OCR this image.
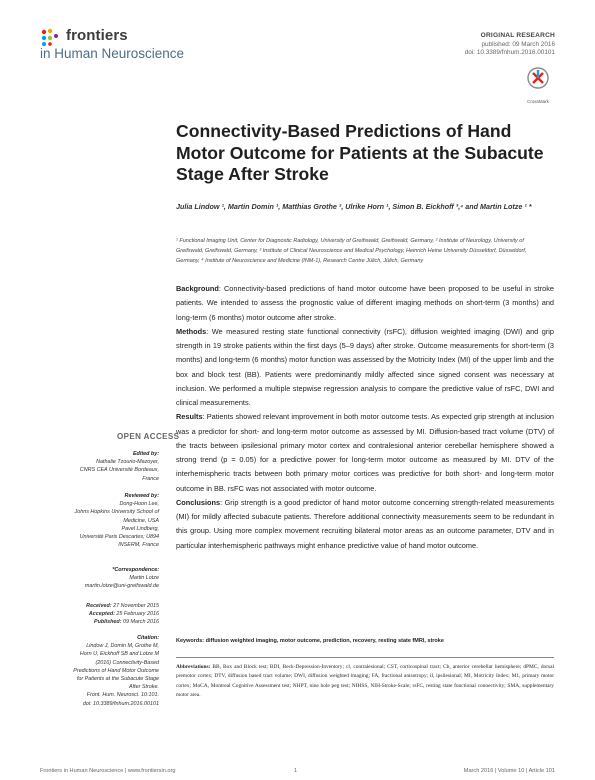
frontiers
in Human Neuroscience
ORIGINAL RESEARCH
published: 09 March 2016
doi: 10.3389/fnhum.2016.00101
CrossMark
Connectivity-Based Predictions of Hand Motor Outcome for Patients at the Subacute Stage After Stroke
Julia Lindow ¹, Martin Domin ¹, Matthias Grothe ², Ulrike Horn ¹, Simon B. Eickhoff ³,⁴ and Martin Lotze ¹ *
¹ Functional Imaging Unit, Center for Diagnostic Radiology, University of Greifswald, Greifswald, Germany, ² Institute of Neurology, University of Greifswald, Greifswald, Germany, ³ Institute of Clinical Neuroscience and Medical Psychology, Heinrich Heine University Düsseldorf, Düsseldorf, Germany, ⁴ Institute of Neuroscience and Medicine (INM-1), Research Centre Jülich, Jülich, Germany

Background: Connectivity-based predictions of hand motor outcome have been proposed to be useful in stroke patients. We intended to assess the prognostic value of different imaging methods on short-term (3 months) and long-term (6 months) motor outcome after stroke.

Methods: We measured resting state functional connectivity (rsFC), diffusion weighted imaging (DWI) and grip strength in 19 stroke patients within the first days (5–9 days) after stroke. Outcome measurements for short-term (3 months) and long-term (6 months) motor function was assessed by the Motricity Index (MI) of the upper limb and the box and block test (BB). Patients were predominantly mildly affected since signed consent was necessary at inclusion. We performed a multiple stepwise regression analysis to compare the predictive value of rsFC, DWI and clinical measurements.

Results: Patients showed relevant improvement in both motor outcome tests. As expected grip strength at inclusion was a predictor for short- and long-term motor outcome as assessed by MI. Diffusion-based tract volume (DTV) of the tracts between ipsilesional primary motor cortex and contralesional anterior cerebellar hemisphere showed a strong trend (p = 0.05) for a predictive power for long-term motor outcome as measured by MI. DTV of the interhemispheric tracts between both primary motor cortices was predictive for both short- and long-term motor outcome in BB. rsFC was not associated with motor outcome.

Conclusions: Grip strength is a good predictor of hand motor outcome concerning strength-related measurements (MI) for mildly affected subacute patients. Therefore additional connectivity measurements seem to be redundant in this group. Using more complex movement recruiting bilateral motor areas as an outcome parameter, DTV and in particular interhemispheric pathways might enhance predictive value of hand motor outcome.

Keywords: diffusion weighted imaging, motor outcome, prediction, recovery, resting state fMRI, stroke
Abbreviations: BB, Box and Block test; BDI, Beck-Depression-Inventory; cl, contralesional; CST, corticospinal tract; Cb, anterior cerebellar hemisphere; dPMC, dorsal premotor cortex; DTV, diffusion based tract volume; DWI, diffusion weighted imaging; FA, fractional anisotropy; il, ipsilesional; MI, Motricity Index; M1, primary motor cortex; MoCA, Montreal Cognitive Assessment test; NHPT, nine hole peg test; NIHSS, NIH-Stroke-Scale; rsFC, resting state functional connectivity; SMA, supplementary motor area.
OPEN ACCESS
Edited by:
Nathalie Tzourio-Mazoyer,
CNRS CEA Université Bordeaux,
France
Reviewed by:
Dong-Hoon Lee,
Johns Hopkins University School of
Medicine, USA
Pavel Lindberg,
Université Paris Descartes; U894
INSERM, France
*Correspondence:
Martin Lotze
martin.lotze@uni-greifswald.de
Received: 27 November 2015
Accepted: 25 February 2016
Published: 09 March 2016
Citation:
Lindow J, Domin M, Grothe M,
Horn U, Eickhoff SB and Lotze M
(2016) Connectivity-Based
Predictions of Hand Motor Outcome
for Patients at the Subacute Stage
After Stroke.
Front. Hum. Neurosci. 10:101.
doi: 10.3389/fnhum.2016.00101
Frontiers in Human Neuroscience | www.frontiersin.org	1	March 2016 | Volume 10 | Article 101
